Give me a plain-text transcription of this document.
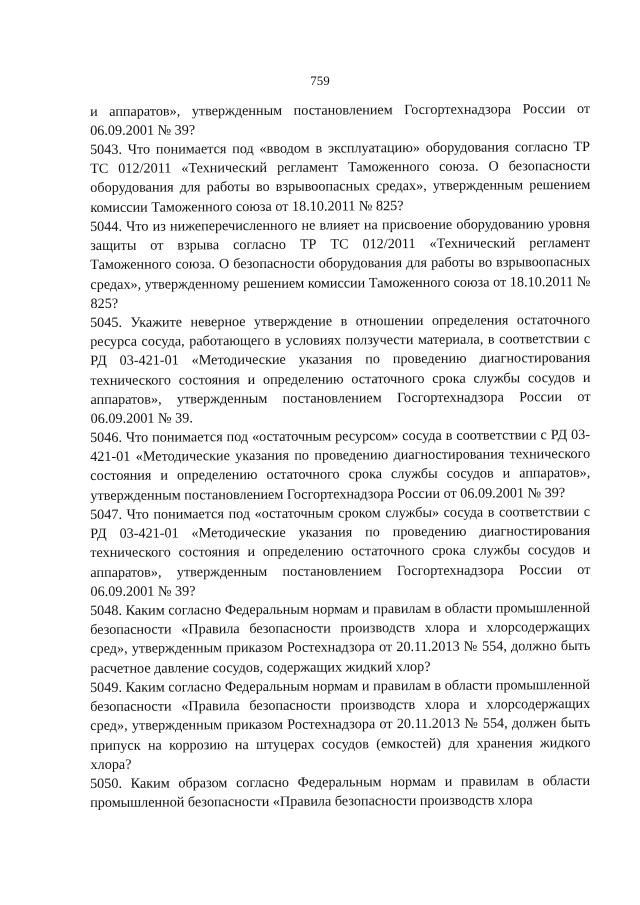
759

и аппаратов», утвержденным постановлением Госгортехнадзора России от 06.09.2001 № 39?

5043. Что понимается под «вводом в эксплуатацию» оборудования согласно ТР ТС 012/2011 «Технический регламент Таможенного союза. О безопасности оборудования для работы во взрывоопасных средах», утвержденным решением комиссии Таможенного союза от 18.10.2011 № 825?

5044. Что из нижеперечисленного не влияет на присвоение оборудованию уровня защиты от взрыва согласно ТР ТС 012/2011 «Технический регламент Таможенного союза. О безопасности оборудования для работы во взрывоопасных средах», утвержденному решением комиссии Таможенного союза от 18.10.2011 № 825?

5045. Укажите неверное утверждение в отношении определения остаточного ресурса сосуда, работающего в условиях ползучести материала, в соответствии с РД 03-421-01 «Методические указания по проведению диагностирования технического состояния и определению остаточного срока службы сосудов и аппаратов», утвержденным постановлением Госгортехнадзора России от 06.09.2001 № 39.

5046. Что понимается под «остаточным ресурсом» сосуда в соответствии с РД 03-421-01 «Методические указания по проведению диагностирования технического состояния и определению остаточного срока службы сосудов и аппаратов», утвержденным постановлением Госгортехнадзора России от 06.09.2001 № 39?

5047. Что понимается под «остаточным сроком службы» сосуда в соответствии с РД 03-421-01 «Методические указания по проведению диагностирования технического состояния и определению остаточного срока службы сосудов и аппаратов», утвержденным постановлением Госгортехнадзора России от 06.09.2001 № 39?

5048. Каким согласно Федеральным нормам и правилам в области промышленной безопасности «Правила безопасности производств хлора и хлорсодержащих сред», утвержденным приказом Ростехнадзора от 20.11.2013 № 554, должно быть расчетное давление сосудов, содержащих жидкий хлор?

5049. Каким согласно Федеральным нормам и правилам в области промышленной безопасности «Правила безопасности производств хлора и хлорсодержащих сред», утвержденным приказом Ростехнадзора от 20.11.2013 № 554, должен быть припуск на коррозию на штуцерах сосудов (емкостей) для хранения жидкого хлора?

5050. Каким образом согласно Федеральным нормам и правилам в области промышленной безопасности «Правила безопасности производств хлора
